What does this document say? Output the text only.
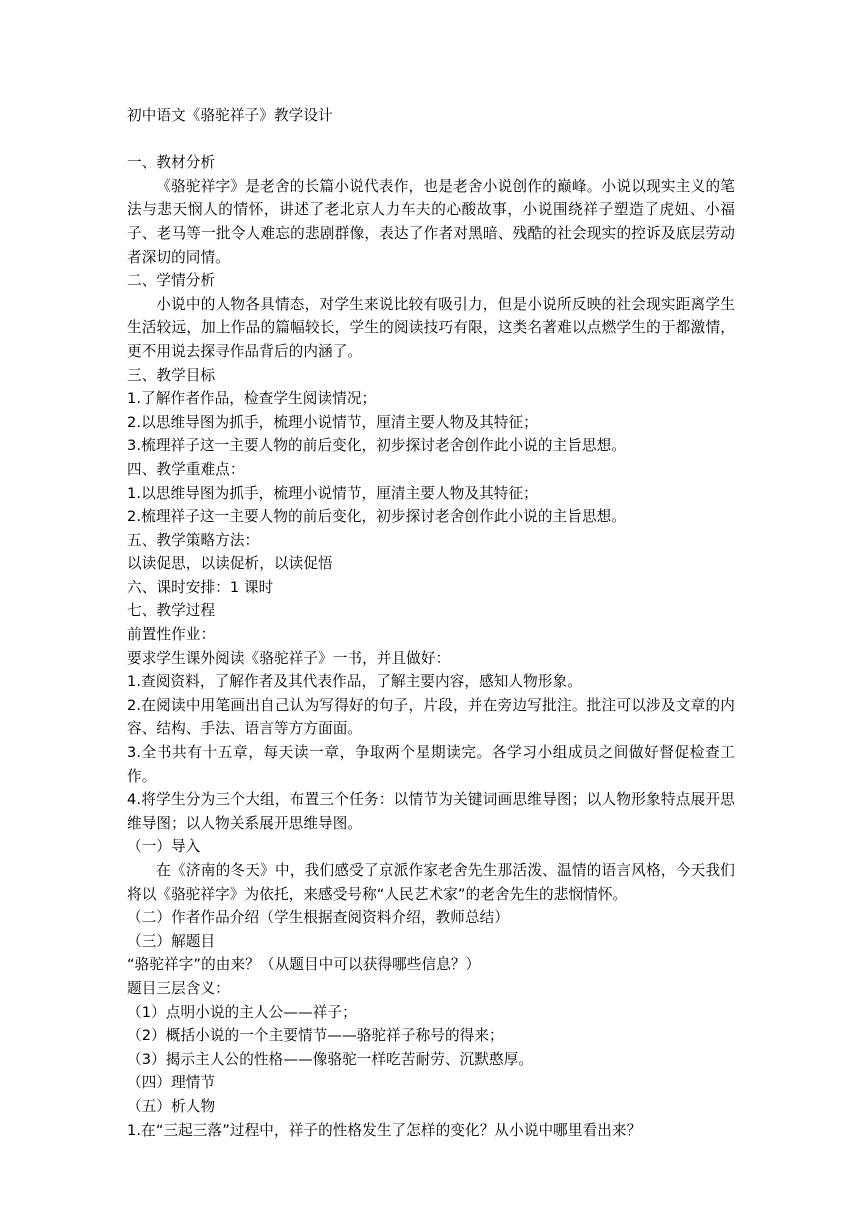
初中语文《骆驼祥子》教学设计

一、教材分析

《骆驼祥字》是老舍的长篇小说代表作，也是老舍小说创作的巅峰。小说以现实主义的笔法与悲天悯人的情怀，讲述了老北京人力车夫的心酸故事，小说围绕祥子塑造了虎妞、小福子、老马等一批令人难忘的悲剧群像，表达了作者对黑暗、残酷的社会现实的控诉及底层劳动者深切的同情。

二、学情分析

小说中的人物各具情态，对学生来说比较有吸引力，但是小说所反映的社会现实距离学生生活较远，加上作品的篇幅较长，学生的阅读技巧有限，这类名著难以点燃学生的于都激情，更不用说去探寻作品背后的内涵了。

三、教学目标

1.了解作者作品，检查学生阅读情况；

2.以思维导图为抓手，梳理小说情节，厘清主要人物及其特征；

3.梳理祥子这一主要人物的前后变化，初步探讨老舍创作此小说的主旨思想。

四、教学重难点：

1.以思维导图为抓手，梳理小说情节，厘清主要人物及其特征；

2.梳理祥子这一主要人物的前后变化，初步探讨老舍创作此小说的主旨思想。

五、教学策略方法：

以读促思，以读促析，以读促悟

六、课时安排：1 课时

七、教学过程

前置性作业：

要求学生课外阅读《骆驼祥子》一书，并且做好：

1.查阅资料，了解作者及其代表作品，了解主要内容，感知人物形象。

2.在阅读中用笔画出自己认为写得好的句子，片段，并在旁边写批注。批注可以涉及文章的内容、结构、手法、语言等方方面面。

3.全书共有十五章，每天读一章，争取两个星期读完。各学习小组成员之间做好督促检查工作。

4.将学生分为三个大组，布置三个任务：以情节为关键词画思维导图；以人物形象特点展开思维导图；以人物关系展开思维导图。

（一）导入

在《济南的冬天》中，我们感受了京派作家老舍先生那活泼、温情的语言风格，今天我们将以《骆驼祥字》为依托，来感受号称“人民艺术家”的老舍先生的悲悯情怀。

（二）作者作品介绍（学生根据查阅资料介绍，教师总结）

（三）解题目

“骆驼祥字”的由来？（从题目中可以获得哪些信息？）

题目三层含义：

（1）点明小说的主人公——祥子；

（2）概括小说的一个主要情节——骆驼祥子称号的得来；

（3）揭示主人公的性格——像骆驼一样吃苦耐劳、沉默憨厚。

（四）理情节

（五）析人物

1.在“三起三落”过程中，祥子的性格发生了怎样的变化？从小说中哪里看出来？
